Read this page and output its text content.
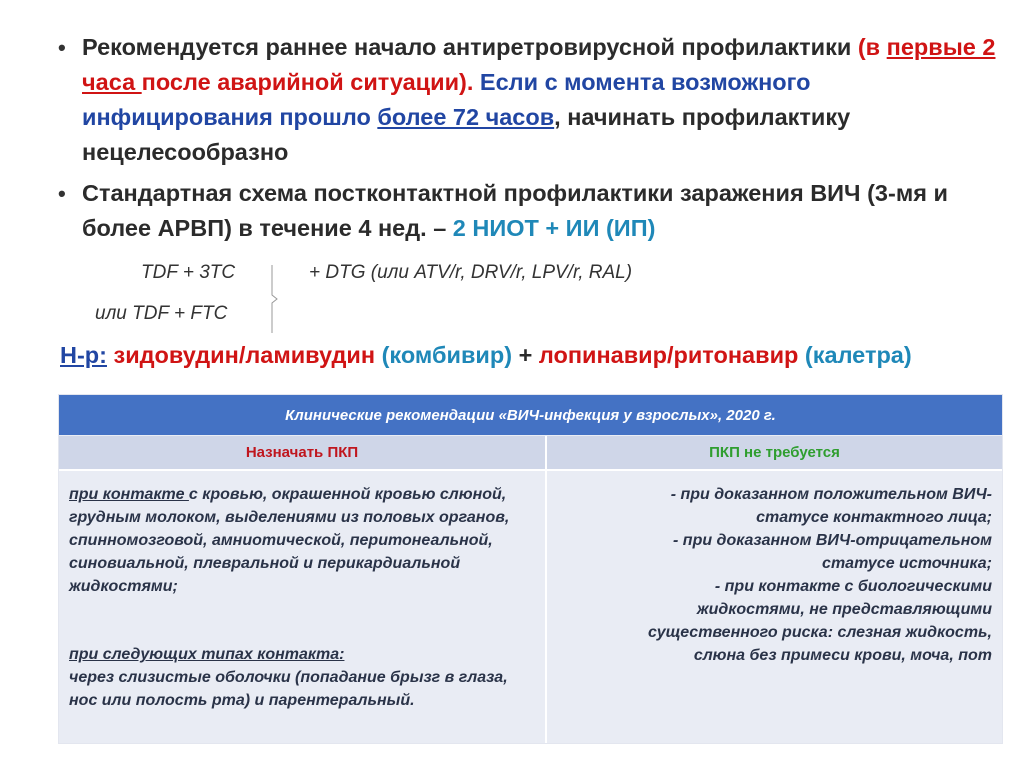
• Рекомендуется раннее начало антиретровирусной профилактики (в первые 2 часа после аварийной ситуации). Если с момента возможного инфицирования прошло более 72 часов, начинать профилактику нецелесообразно
• Стандартная схема постконтактной профилактики заражения ВИЧ (3-мя и более АРВП) в течение 4 нед. – 2 НИОТ + ИИ (ИП)
TDF + 3TC
или TDF + FTC
+ DTG (или ATV/r, DRV/r, LPV/r, RAL)
Н-р: зидовудин/ламивудин (комбивир) + лопинавир/ритонавир (калетра)
Клинические рекомендации «ВИЧ-инфекция у взрослых», 2020 г.
Назначать ПКП	ПКП не требуется
при контакте с кровью, окрашенной кровью слюной, грудным молоком, выделениями из половых органов, спинномозговой, амниотической, перитонеальной, синовиальной, плевральной и перикардиальной жидкостями;
при следующих типах контакта:
через слизистые оболочки (попадание брызг в глаза, нос или полость рта) и парентеральный.
- при доказанном положительном ВИЧ-
статусе контактного лица;
- при доказанном ВИЧ-отрицательном
статусе источника;
- при контакте с биологическими
жидкостями, не представляющими
существенного риска: слезная жидкость,
слюна без примеси крови, моча, пот
